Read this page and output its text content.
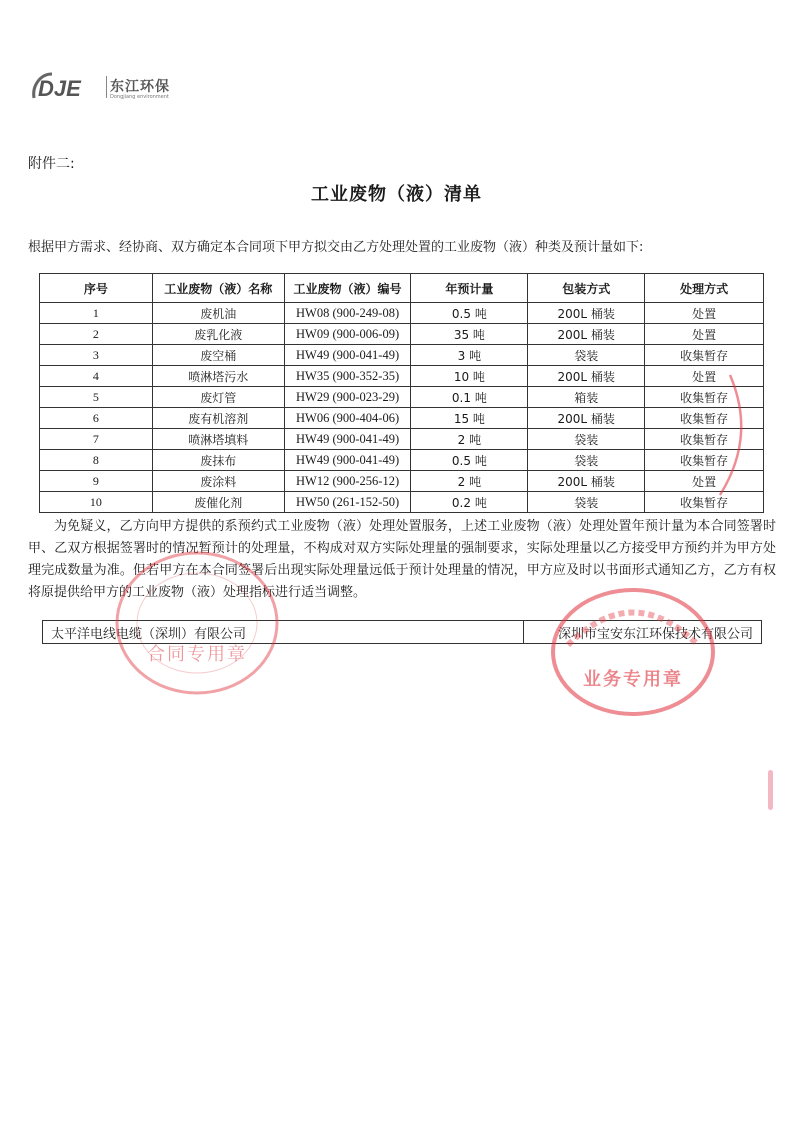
DJE 东江环保
Dongjiang environment
附件二:
工业废物（液）清单
根据甲方需求、经协商、双方确定本合同项下甲方拟交由乙方处理处置的工业废物（液）种类及预计量如下:
序号	工业废物（液）名称	工业废物（液）编号	年预计量	包装方式	处理方式
1	废机油	HW08 (900-249-08)	0.5 吨	200L 桶装	处置
2	废乳化液	HW09 (900-006-09)	35 吨	200L 桶装	处置
3	废空桶	HW49 (900-041-49)	3 吨	袋装	收集暂存
4	喷淋塔污水	HW35 (900-352-35)	10 吨	200L 桶装	处置
5	废灯管	HW29 (900-023-29)	0.1 吨	箱装	收集暂存
6	废有机溶剂	HW06 (900-404-06)	15 吨	200L 桶装	收集暂存
7	喷淋塔填料	HW49 (900-041-49)	2 吨	袋装	收集暂存
8	废抹布	HW49 (900-041-49)	0.5 吨	袋装	收集暂存
9	废涂料	HW12 (900-256-12)	2 吨	200L 桶装	处置
10	废催化剂	HW50 (261-152-50)	0.2 吨	袋装	收集暂存

为免疑义，乙方向甲方提供的系预约式工业废物（液）处理处置服务，上述工业废物（液）处理处置年预计量为本合同签署时甲、乙双方根据签署时的情况暂预计的处理量，不构成对双方实际处理量的强制要求，实际处理量以乙方接受甲方预约并为甲方处理完成数量为准。但若甲方在本合同签署后出现实际处理量远低于预计处理量的情况，甲方应及时以书面形式通知乙方，乙方有权将原提供给甲方的工业废物（液）处理指标进行适当调整。

太平洋电线电缆（深圳）有限公司	深圳市宝安东江环保技术有限公司
合同专用章
业务专用章
